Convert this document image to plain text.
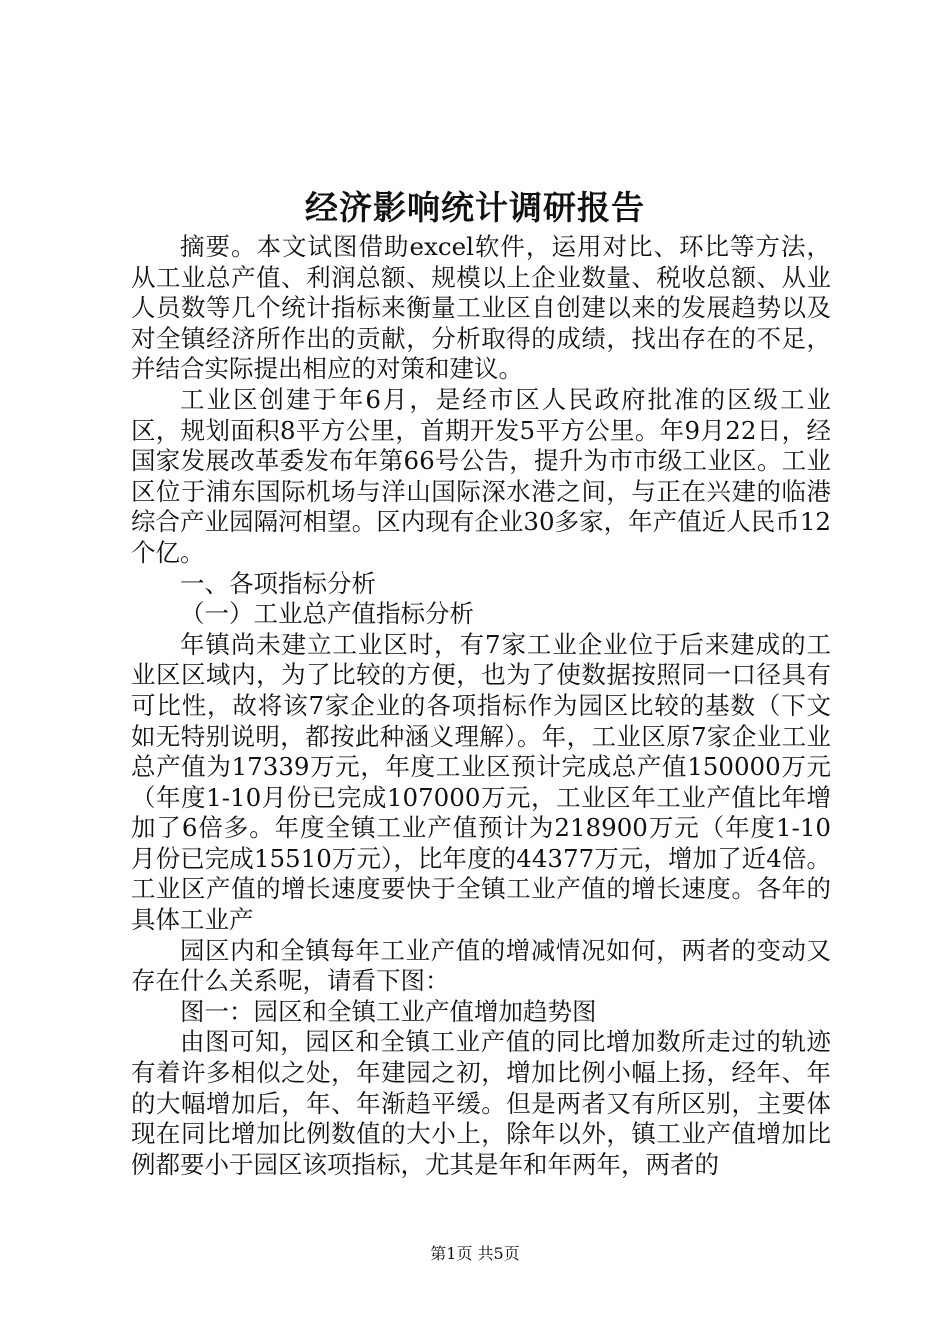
经济影响统计调研报告

摘要。本文试图借助excel软件，运用对比、环比等方法，从工业总产值、利润总额、规模以上企业数量、税收总额、从业人员数等几个统计指标来衡量工业区自创建以来的发展趋势以及对全镇经济所作出的贡献，分析取得的成绩，找出存在的不足，并结合实际提出相应的对策和建议。

工业区创建于年6月，是经市区人民政府批准的区级工业区，规划面积8平方公里，首期开发5平方公里。年9月22日，经国家发展改革委发布年第66号公告，提升为市市级工业区。工业区位于浦东国际机场与洋山国际深水港之间，与正在兴建的临港综合产业园隔河相望。区内现有企业30多家，年产值近人民币12个亿。

一、各项指标分析

（一）工业总产值指标分析

年镇尚未建立工业区时，有7家工业企业位于后来建成的工业区区域内，为了比较的方便，也为了使数据按照同一口径具有可比性，故将该7家企业的各项指标作为园区比较的基数（下文如无特别说明，都按此种涵义理解）。年，工业区原7家企业工业总产值为17339万元，年度工业区预计完成总产值150000万元（年度1-10月份已完成107000万元，工业区年工业产值比年增加了6倍多。年度全镇工业产值预计为218900万元（年度1-10月份已完成15510万元），比年度的44377万元，增加了近4倍。工业区产值的增长速度要快于全镇工业产值的增长速度。各年的具体工业产

园区内和全镇每年工业产值的增减情况如何，两者的变动又存在什么关系呢，请看下图：

图一：园区和全镇工业产值增加趋势图

由图可知，园区和全镇工业产值的同比增加数所走过的轨迹有着许多相似之处，年建园之初，增加比例小幅上扬，经年、年的大幅增加后，年、年渐趋平缓。但是两者又有所区别，主要体现在同比增加比例数值的大小上，除年以外，镇工业产值增加比例都要小于园区该项指标，尤其是年和年两年，两者的

第1页 共5页
